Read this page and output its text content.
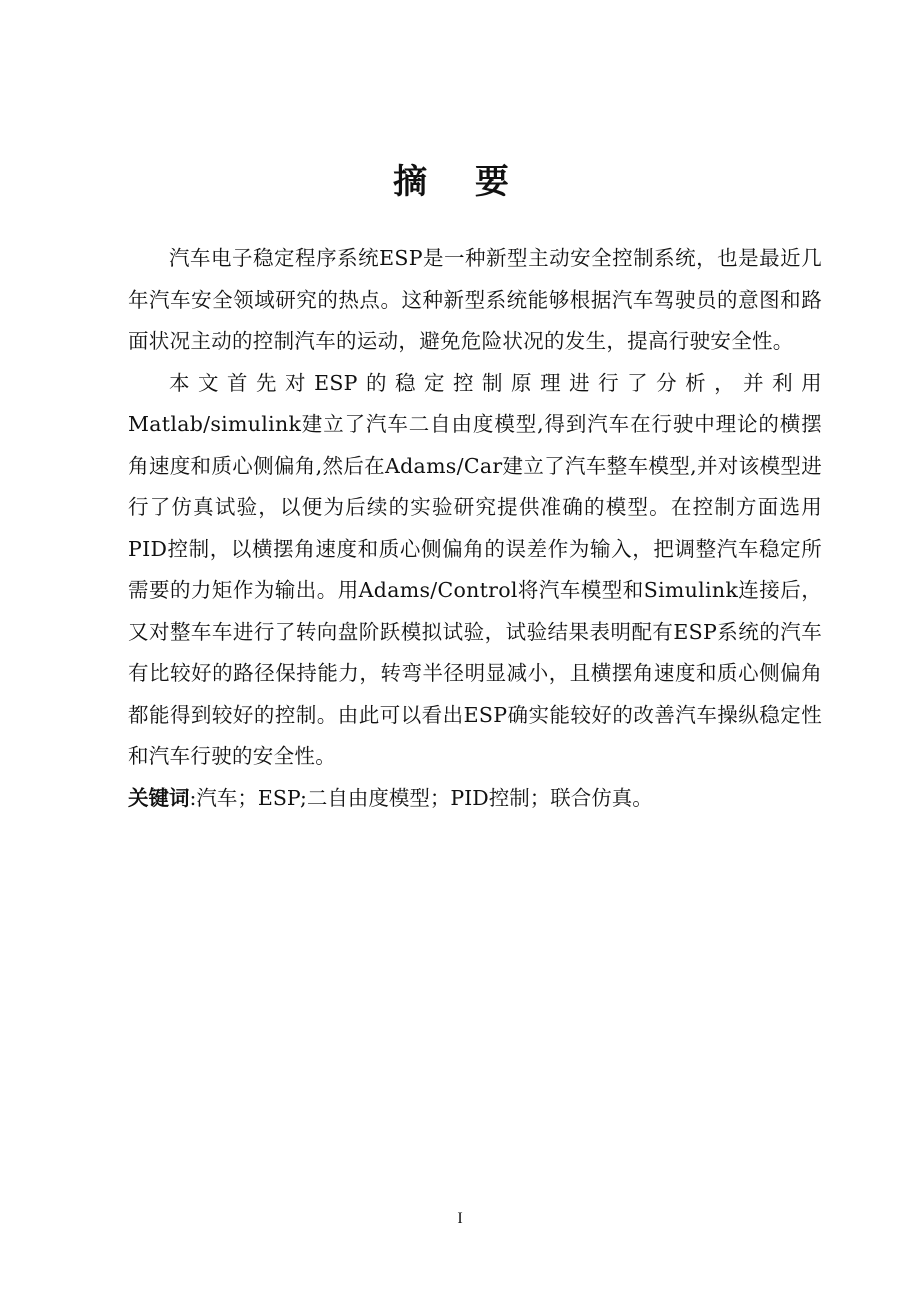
摘 要

汽车电子稳定程序系统ESP是一种新型主动安全控制系统，也是最近几年汽车安全领域研究的热点。这种新型系统能够根据汽车驾驶员的意图和路面状况主动的控制汽车的运动，避免危险状况的发生，提高行驶安全性。

本文首先对ESP的稳定控制原理进行了分析，并利用Matlab/simulink建立了汽车二自由度模型,得到汽车在行驶中理论的横摆角速度和质心侧偏角,然后在Adams/Car建立了汽车整车模型,并对该模型进行了仿真试验，以便为后续的实验研究提供准确的模型。在控制方面选用PID控制，以横摆角速度和质心侧偏角的误差作为输入，把调整汽车稳定所需要的力矩作为输出。用Adams/Control将汽车模型和Simulink连接后，又对整车车进行了转向盘阶跃模拟试验，试验结果表明配有ESP系统的汽车有比较好的路径保持能力，转弯半径明显减小，且横摆角速度和质心侧偏角都能得到较好的控制。由此可以看出ESP确实能较好的改善汽车操纵稳定性和汽车行驶的安全性。

关键词:汽车；ESP;二自由度模型；PID控制；联合仿真。

I
